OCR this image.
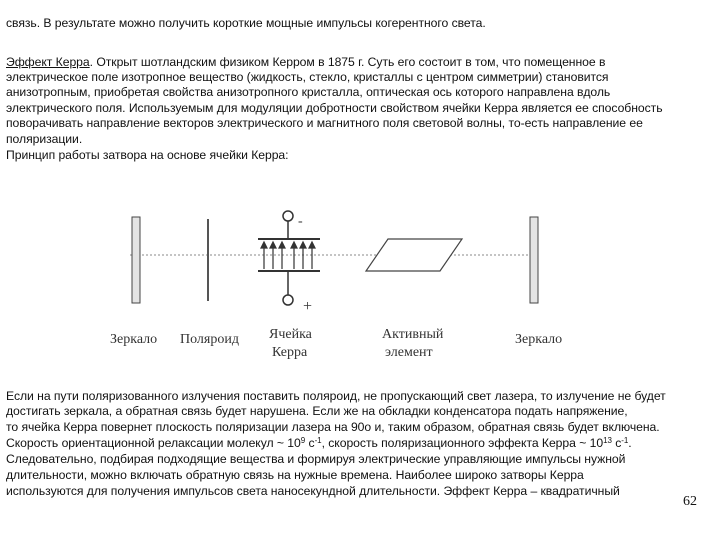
связь. В результате можно получить короткие мощные импульсы когерентного света.
Эффект Керра. Открыт шотландским физиком Керром в 1875 г. Суть его состоит в том, что помещенное в
электрическое поле изотропное вещество (жидкость, стекло, кристаллы с центром симметрии) становится
анизотропным, приобретая свойства анизотропного кристалла, оптическая ось которого направлена вдоль
электрического поля. Используемым для модуляции добротности свойством ячейки Керра является ее способность
поворачивать направление векторов электрического и магнитного поля световой волны, то-есть направление ее
поляризации.
Принцип работы затвора на основе ячейки Керра:
-
+
Зеркало Поляроид Ячейка
Керра
Активный
элемент
Зеркало
Если на пути поляризованного излучения поставить поляроид, не пропускающий свет лазера, то излучение не будет
достигать зеркала, а обратная связь будет нарушена. Если же на обкладки конденсатора подать напряжение,
то ячейка Керра повернет плоскость поляризации лазера на 90о и, таким образом, обратная связь будет включена.
Скорость ориентационной релаксации молекул ~ $10^9$ $с^{-1}$, скорость поляризационного эффекта Керра ~ $10^{13}$ $с^{-1}$.
Следовательно, подбирая подходящие вещества и формируя электрические управляющие импульсы нужной
длительности, можно включать обратную связь на нужные времена. Наиболее широко затворы Керра
используются для получения импульсов света наносекундной длительности. Эффект Керра – квадратичный
62
